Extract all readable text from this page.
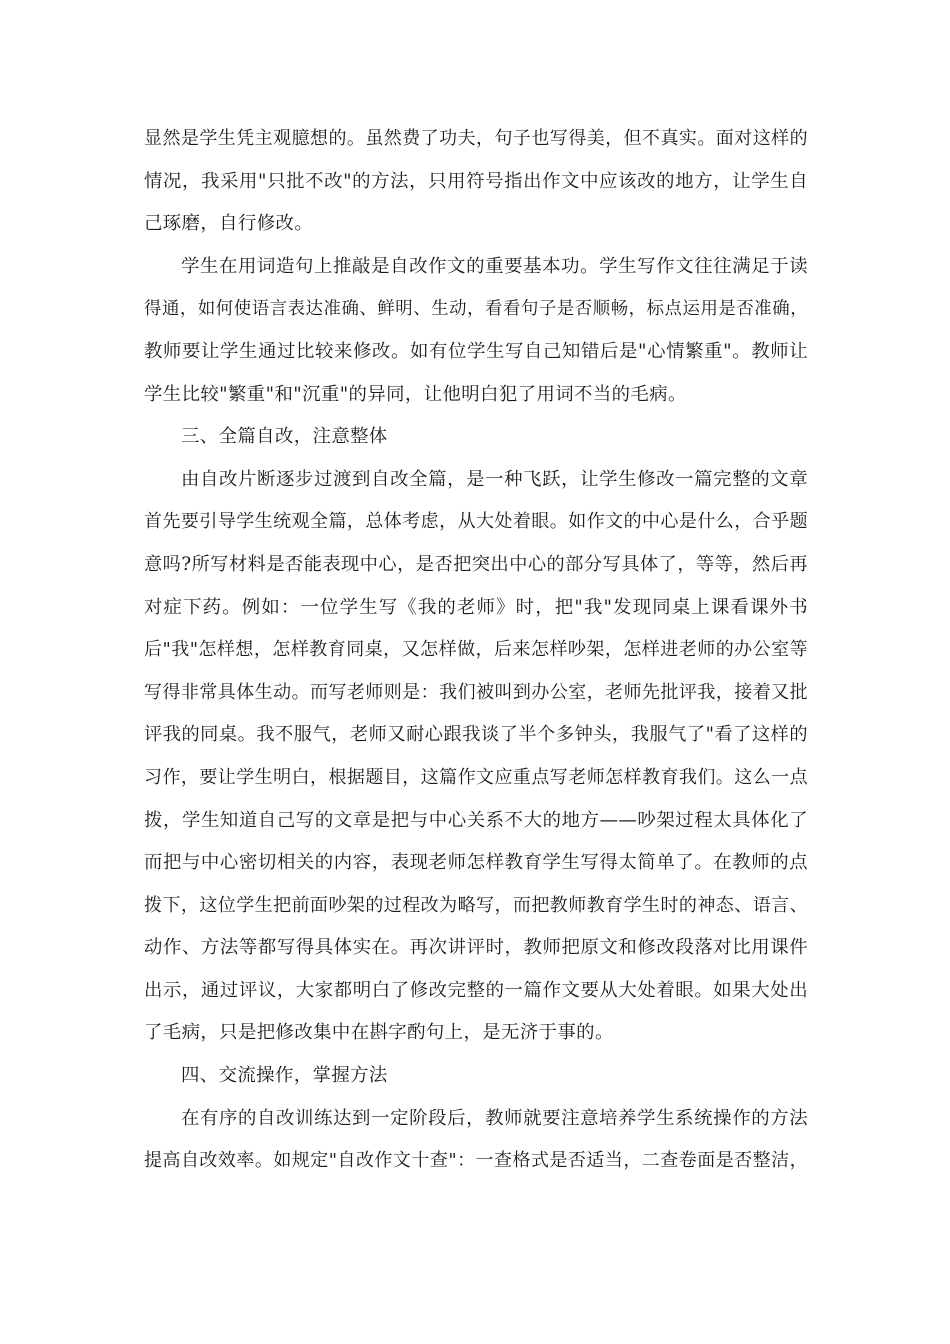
显然是学生凭主观臆想的。虽然费了功夫，句子也写得美，但不真实。面对这样的
情况，我采用"只批不改"的方法，只用符号指出作文中应该改的地方，让学生自
己琢磨，自行修改。
学生在用词造句上推敲是自改作文的重要基本功。学生写作文往往满足于读
得通，如何使语言表达准确、鲜明、生动，看看句子是否顺畅，标点运用是否准确，
教师要让学生通过比较来修改。如有位学生写自己知错后是"心情繁重"。教师让
学生比较"繁重"和"沉重"的异同，让他明白犯了用词不当的毛病。
三、全篇自改，注意整体
由自改片断逐步过渡到自改全篇，是一种飞跃，让学生修改一篇完整的文章
首先要引导学生统观全篇，总体考虑，从大处着眼。如作文的中心是什么，合乎题
意吗?所写材料是否能表现中心，是否把突出中心的部分写具体了，等等，然后再
对症下药。例如：一位学生写《我的老师》时，把"我"发现同桌上课看课外书
后"我"怎样想，怎样教育同桌，又怎样做，后来怎样吵架，怎样进老师的办公室等
写得非常具体生动。而写老师则是：我们被叫到办公室，老师先批评我，接着又批
评我的同桌。我不服气，老师又耐心跟我谈了半个多钟头，我服气了"看了这样的
习作，要让学生明白，根据题目，这篇作文应重点写老师怎样教育我们。这么一点
拨，学生知道自己写的文章是把与中心关系不大的地方——吵架过程太具体化了
而把与中心密切相关的内容，表现老师怎样教育学生写得太简单了。在教师的点
拨下，这位学生把前面吵架的过程改为略写，而把教师教育学生时的神态、语言、
动作、方法等都写得具体实在。再次讲评时，教师把原文和修改段落对比用课件
出示，通过评议，大家都明白了修改完整的一篇作文要从大处着眼。如果大处出
了毛病，只是把修改集中在斟字酌句上，是无济于事的。
四、交流操作，掌握方法
在有序的自改训练达到一定阶段后，教师就要注意培养学生系统操作的方法
提高自改效率。如规定"自改作文十查"：一查格式是否适当，二查卷面是否整洁，
